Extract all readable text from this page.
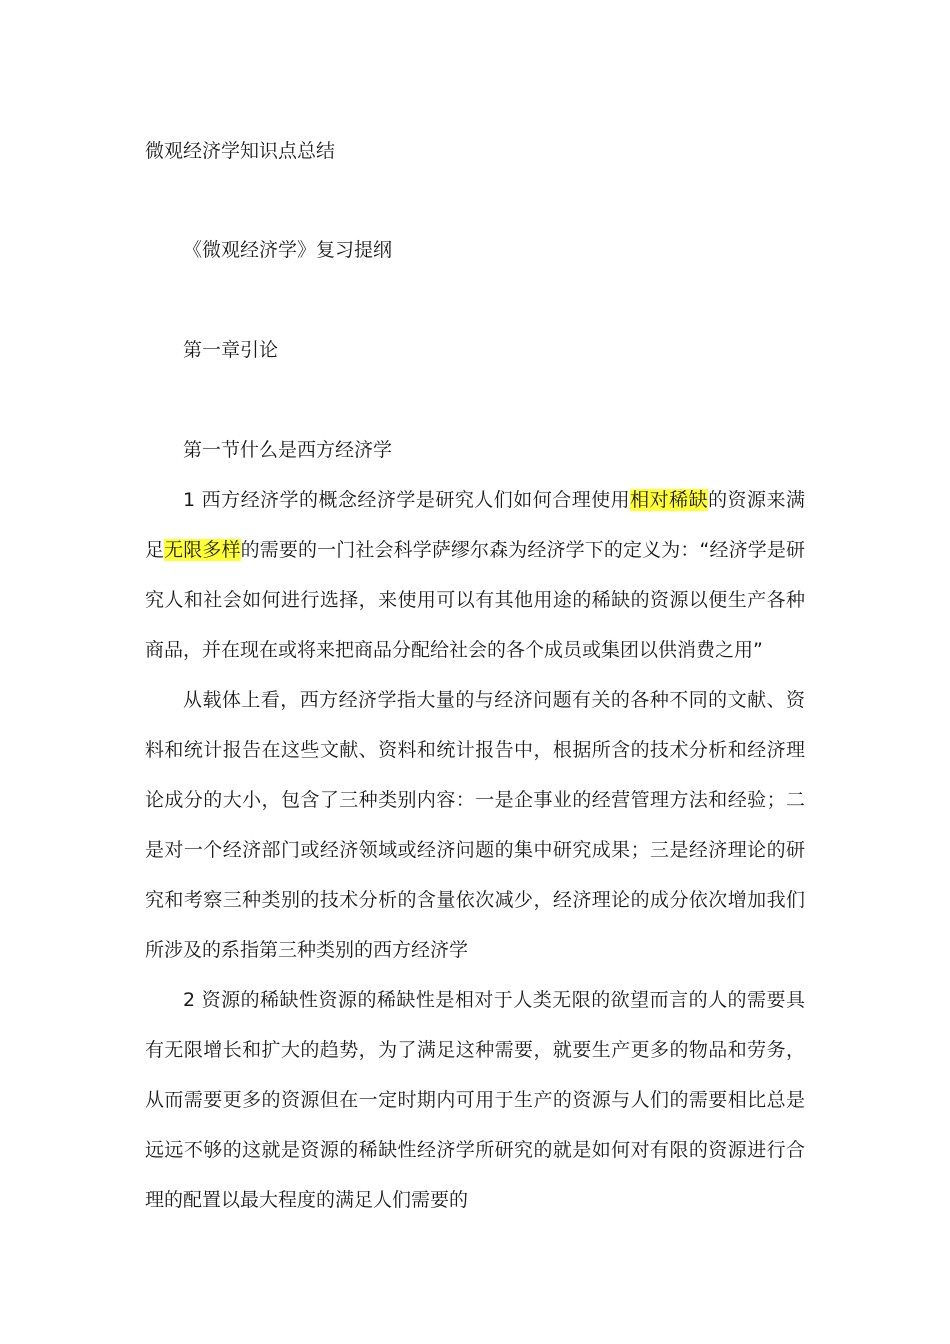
微观经济学知识点总结
《微观经济学》复习提纲
第一章引论
第一节什么是西方经济学

1 西方经济学的概念经济学是研究人们如何合理使用相对稀缺的资源来满足无限多样的需要的一门社会科学萨缪尔森为经济学下的定义为：“经济学是研究人和社会如何进行选择，来使用可以有其他用途的稀缺的资源以便生产各种商品，并在现在或将来把商品分配给社会的各个成员或集团以供消费之用”

从载体上看，西方经济学指大量的与经济问题有关的各种不同的文献、资料和统计报告在这些文献、资料和统计报告中，根据所含的技术分析和经济理论成分的大小，包含了三种类别内容：一是企事业的经营管理方法和经验；二是对一个经济部门或经济领域或经济问题的集中研究成果；三是经济理论的研究和考察三种类别的技术分析的含量依次减少，经济理论的成分依次增加我们所涉及的系指第三种类别的西方经济学

2 资源的稀缺性资源的稀缺性是相对于人类无限的欲望而言的人的需要具有无限增长和扩大的趋势，为了满足这种需要，就要生产更多的物品和劳务，从而需要更多的资源但在一定时期内可用于生产的资源与人们的需要相比总是远远不够的这就是资源的稀缺性经济学所研究的就是如何对有限的资源进行合理的配置以最大程度的满足人们需要的
